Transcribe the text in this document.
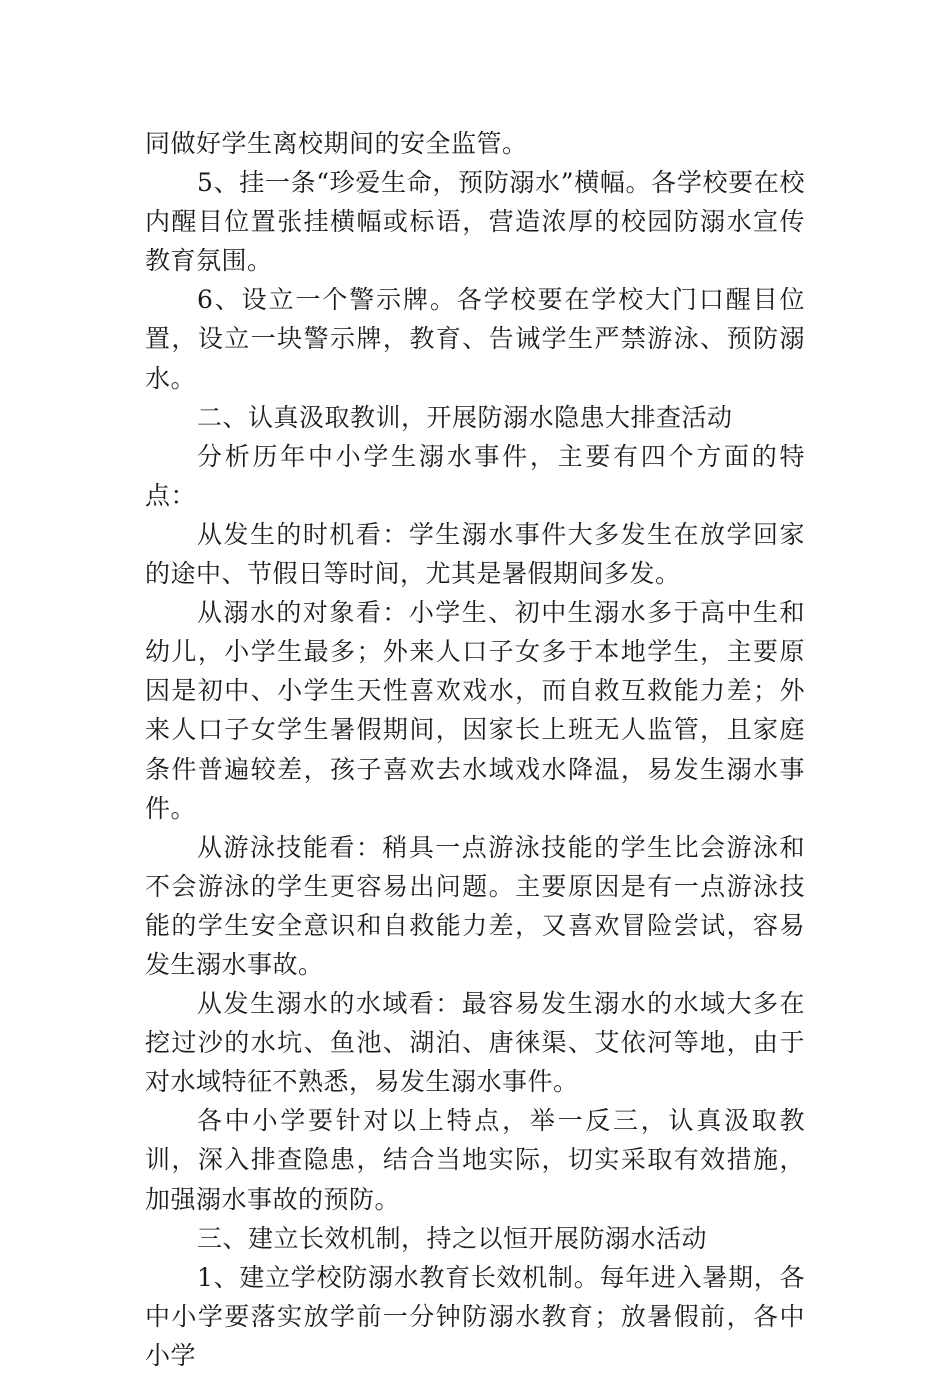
同做好学生离校期间的安全监管。

5、挂一条“珍爱生命，预防溺水”横幅。各学校要在校内醒目位置张挂横幅或标语，营造浓厚的校园防溺水宣传教育氛围。

6、设立一个警示牌。各学校要在学校大门口醒目位置，设立一块警示牌，教育、告诫学生严禁游泳、预防溺水。

二、认真汲取教训，开展防溺水隐患大排查活动

分析历年中小学生溺水事件，主要有四个方面的特点：

从发生的时机看：学生溺水事件大多发生在放学回家的途中、节假日等时间，尤其是暑假期间多发。

从溺水的对象看：小学生、初中生溺水多于高中生和幼儿，小学生最多；外来人口子女多于本地学生，主要原因是初中、小学生天性喜欢戏水，而自救互救能力差；外来人口子女学生暑假期间，因家长上班无人监管，且家庭条件普遍较差，孩子喜欢去水域戏水降温，易发生溺水事件。

从游泳技能看：稍具一点游泳技能的学生比会游泳和不会游泳的学生更容易出问题。主要原因是有一点游泳技能的学生安全意识和自救能力差，又喜欢冒险尝试，容易发生溺水事故。

从发生溺水的水域看：最容易发生溺水的水域大多在挖过沙的水坑、鱼池、湖泊、唐徕渠、艾依河等地，由于对水域特征不熟悉，易发生溺水事件。

各中小学要针对以上特点，举一反三，认真汲取教训，深入排查隐患，结合当地实际，切实采取有效措施，加强溺水事故的预防。

三、建立长效机制，持之以恒开展防溺水活动

1、建立学校防溺水教育长效机制。每年进入暑期，各中小学要落实放学前一分钟防溺水教育；放暑假前，各中小学
